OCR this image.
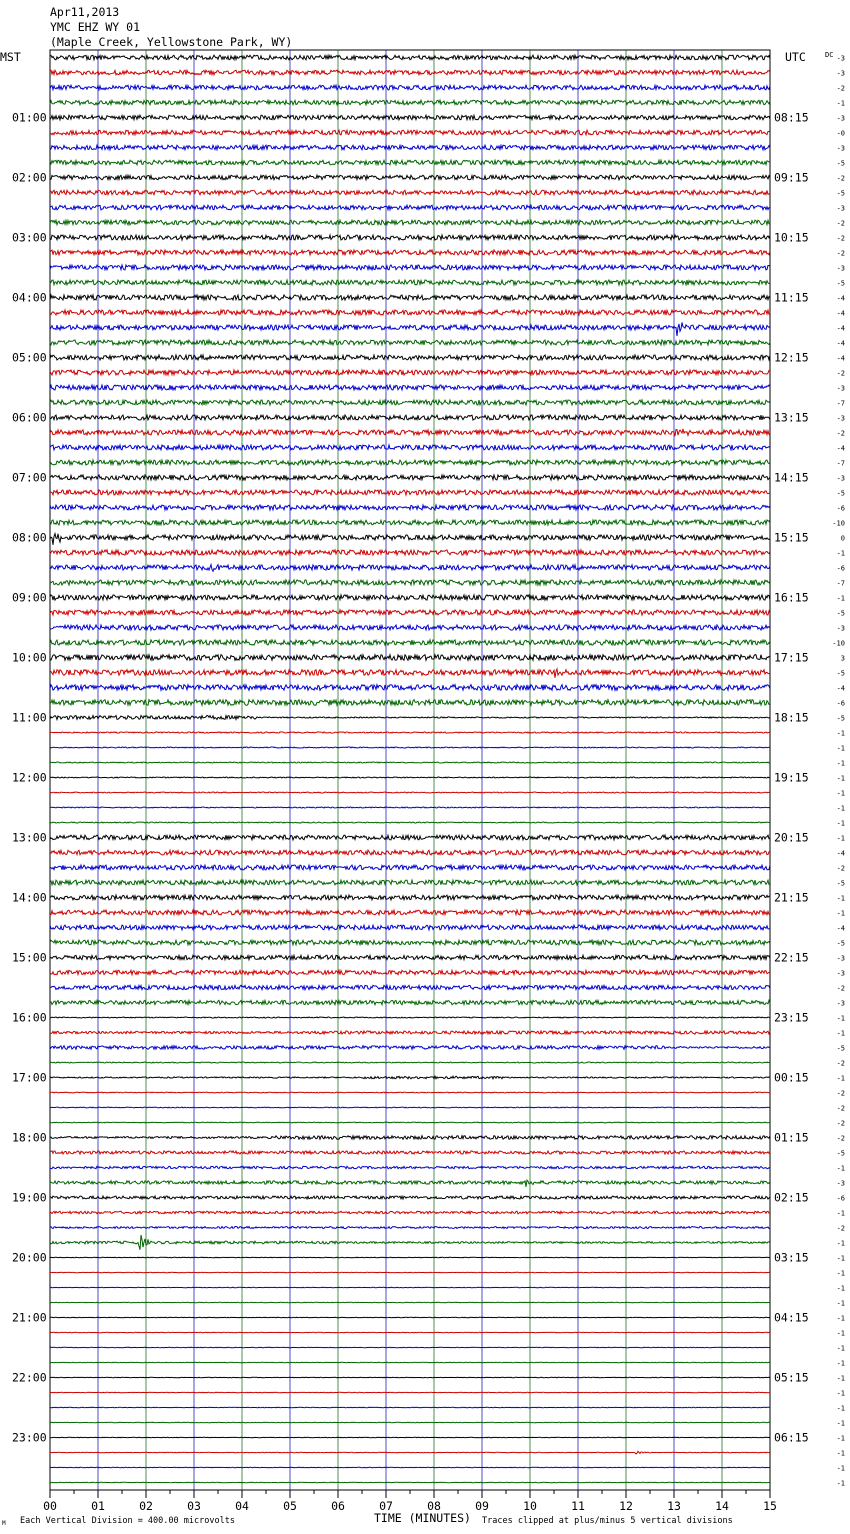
Apr11,2013
YMC EHZ WY 01
(Maple Creek, Yellowstone Park, WY)
MST	UTC	DC
01:00
02:00
03:00
04:00
05:00
06:00
07:00
08:00
09:00
10:00
11:00
12:00
13:00
14:00
15:00
16:00
17:00
18:00
19:00
20:00
21:00
22:00
23:00
08:15
09:15
10:15
11:15
12:15
13:15
14:15
15:15
16:15
17:15
18:15
19:15
20:15
21:15
22:15
23:15
00:15
01:15
02:15
03:15
04:15
05:15
06:15
-3
-3
-2
-1
-3
-0
-3
-5
-2
-5
-3
-2
-2
-2
-3
-5
-4
-4
-4
-4
-4
-2
-3
-7
-3
-2
-4
-7
-3
-5
-6
-10
0
-1
-6
-7
-1
-5
-3
-10
3
-5
-4
-6
-5
-1
-1
-1
-1
-1
-1
-1
-1
-4
-2
-5
-1
-1
-4
-5
-3
-3
-2
-3
-1
-1
-5
-2
-1
-2
-2
-2
-2
-5
-1
-3
-6
-1
-2
-1
-1
-1
-1
-1
-1
-1
-1
-1
-1
-1
-1
-1
-1
-1
-1
-1
00	01	02	03	04	05	06	07	08	09	10	11	12	13	14	15
M Each Vertical Division = 400.00 microvolts	TIME (MINUTES) Traces clipped at plus/minus 5 vertical divisions
